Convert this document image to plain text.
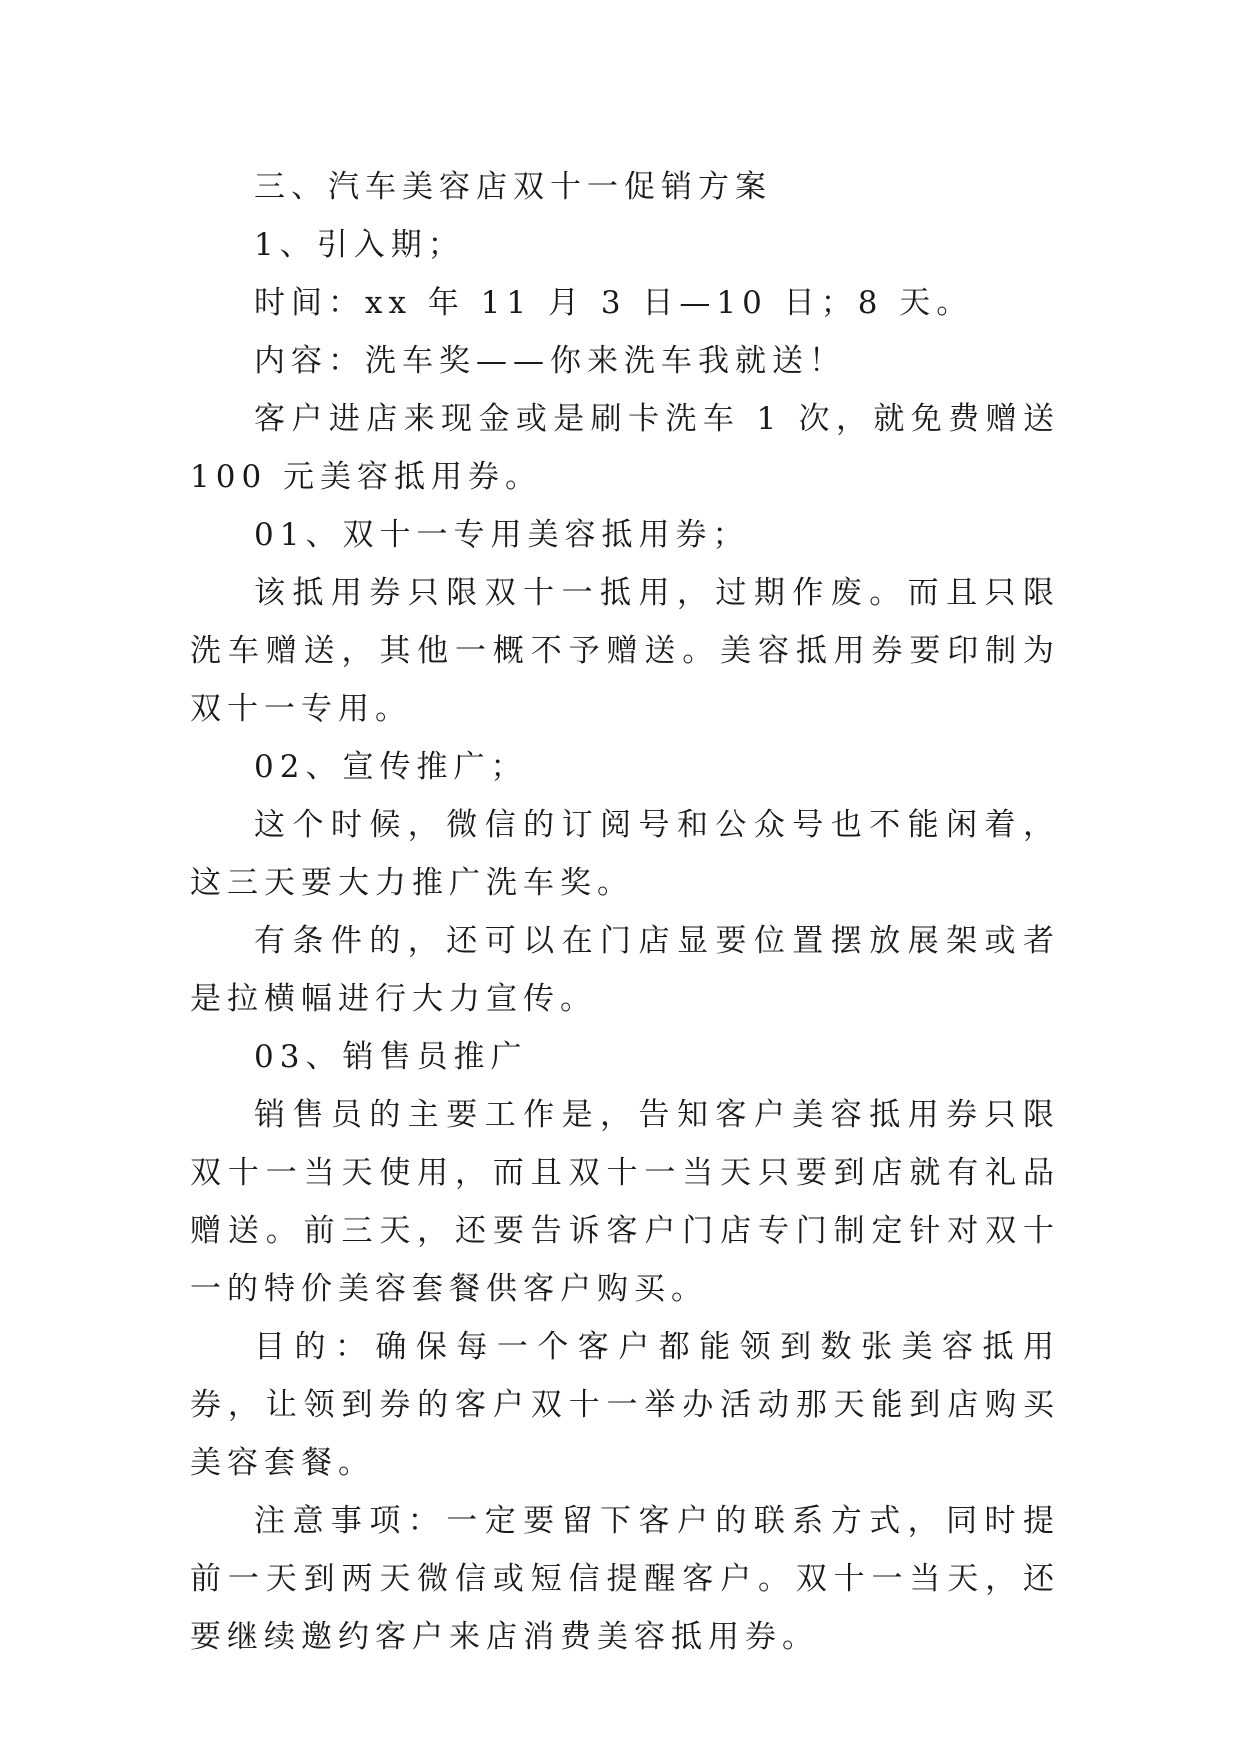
三、汽车美容店双十一促销方案

1、引入期；

时间：xx 年 11 月 3 日—10 日；8 天。

内容：洗车奖——你来洗车我就送！

客户进店来现金或是刷卡洗车 1 次，就免费赠送 100 元美容抵用券。

01、双十一专用美容抵用券；

该抵用券只限双十一抵用，过期作废。而且只限洗车赠送，其他一概不予赠送。美容抵用券要印制为双十一专用。

02、宣传推广；

这个时候，微信的订阅号和公众号也不能闲着，这三天要大力推广洗车奖。

有条件的，还可以在门店显要位置摆放展架或者是拉横幅进行大力宣传。

03、销售员推广

销售员的主要工作是，告知客户美容抵用券只限双十一当天使用，而且双十一当天只要到店就有礼品赠送。前三天，还要告诉客户门店专门制定针对双十一的特价美容套餐供客户购买。

目的：确保每一个客户都能领到数张美容抵用券，让领到券的客户双十一举办活动那天能到店购买美容套餐。

注意事项：一定要留下客户的联系方式，同时提前一天到两天微信或短信提醒客户。双十一当天，还要继续邀约客户来店消费美容抵用券。
